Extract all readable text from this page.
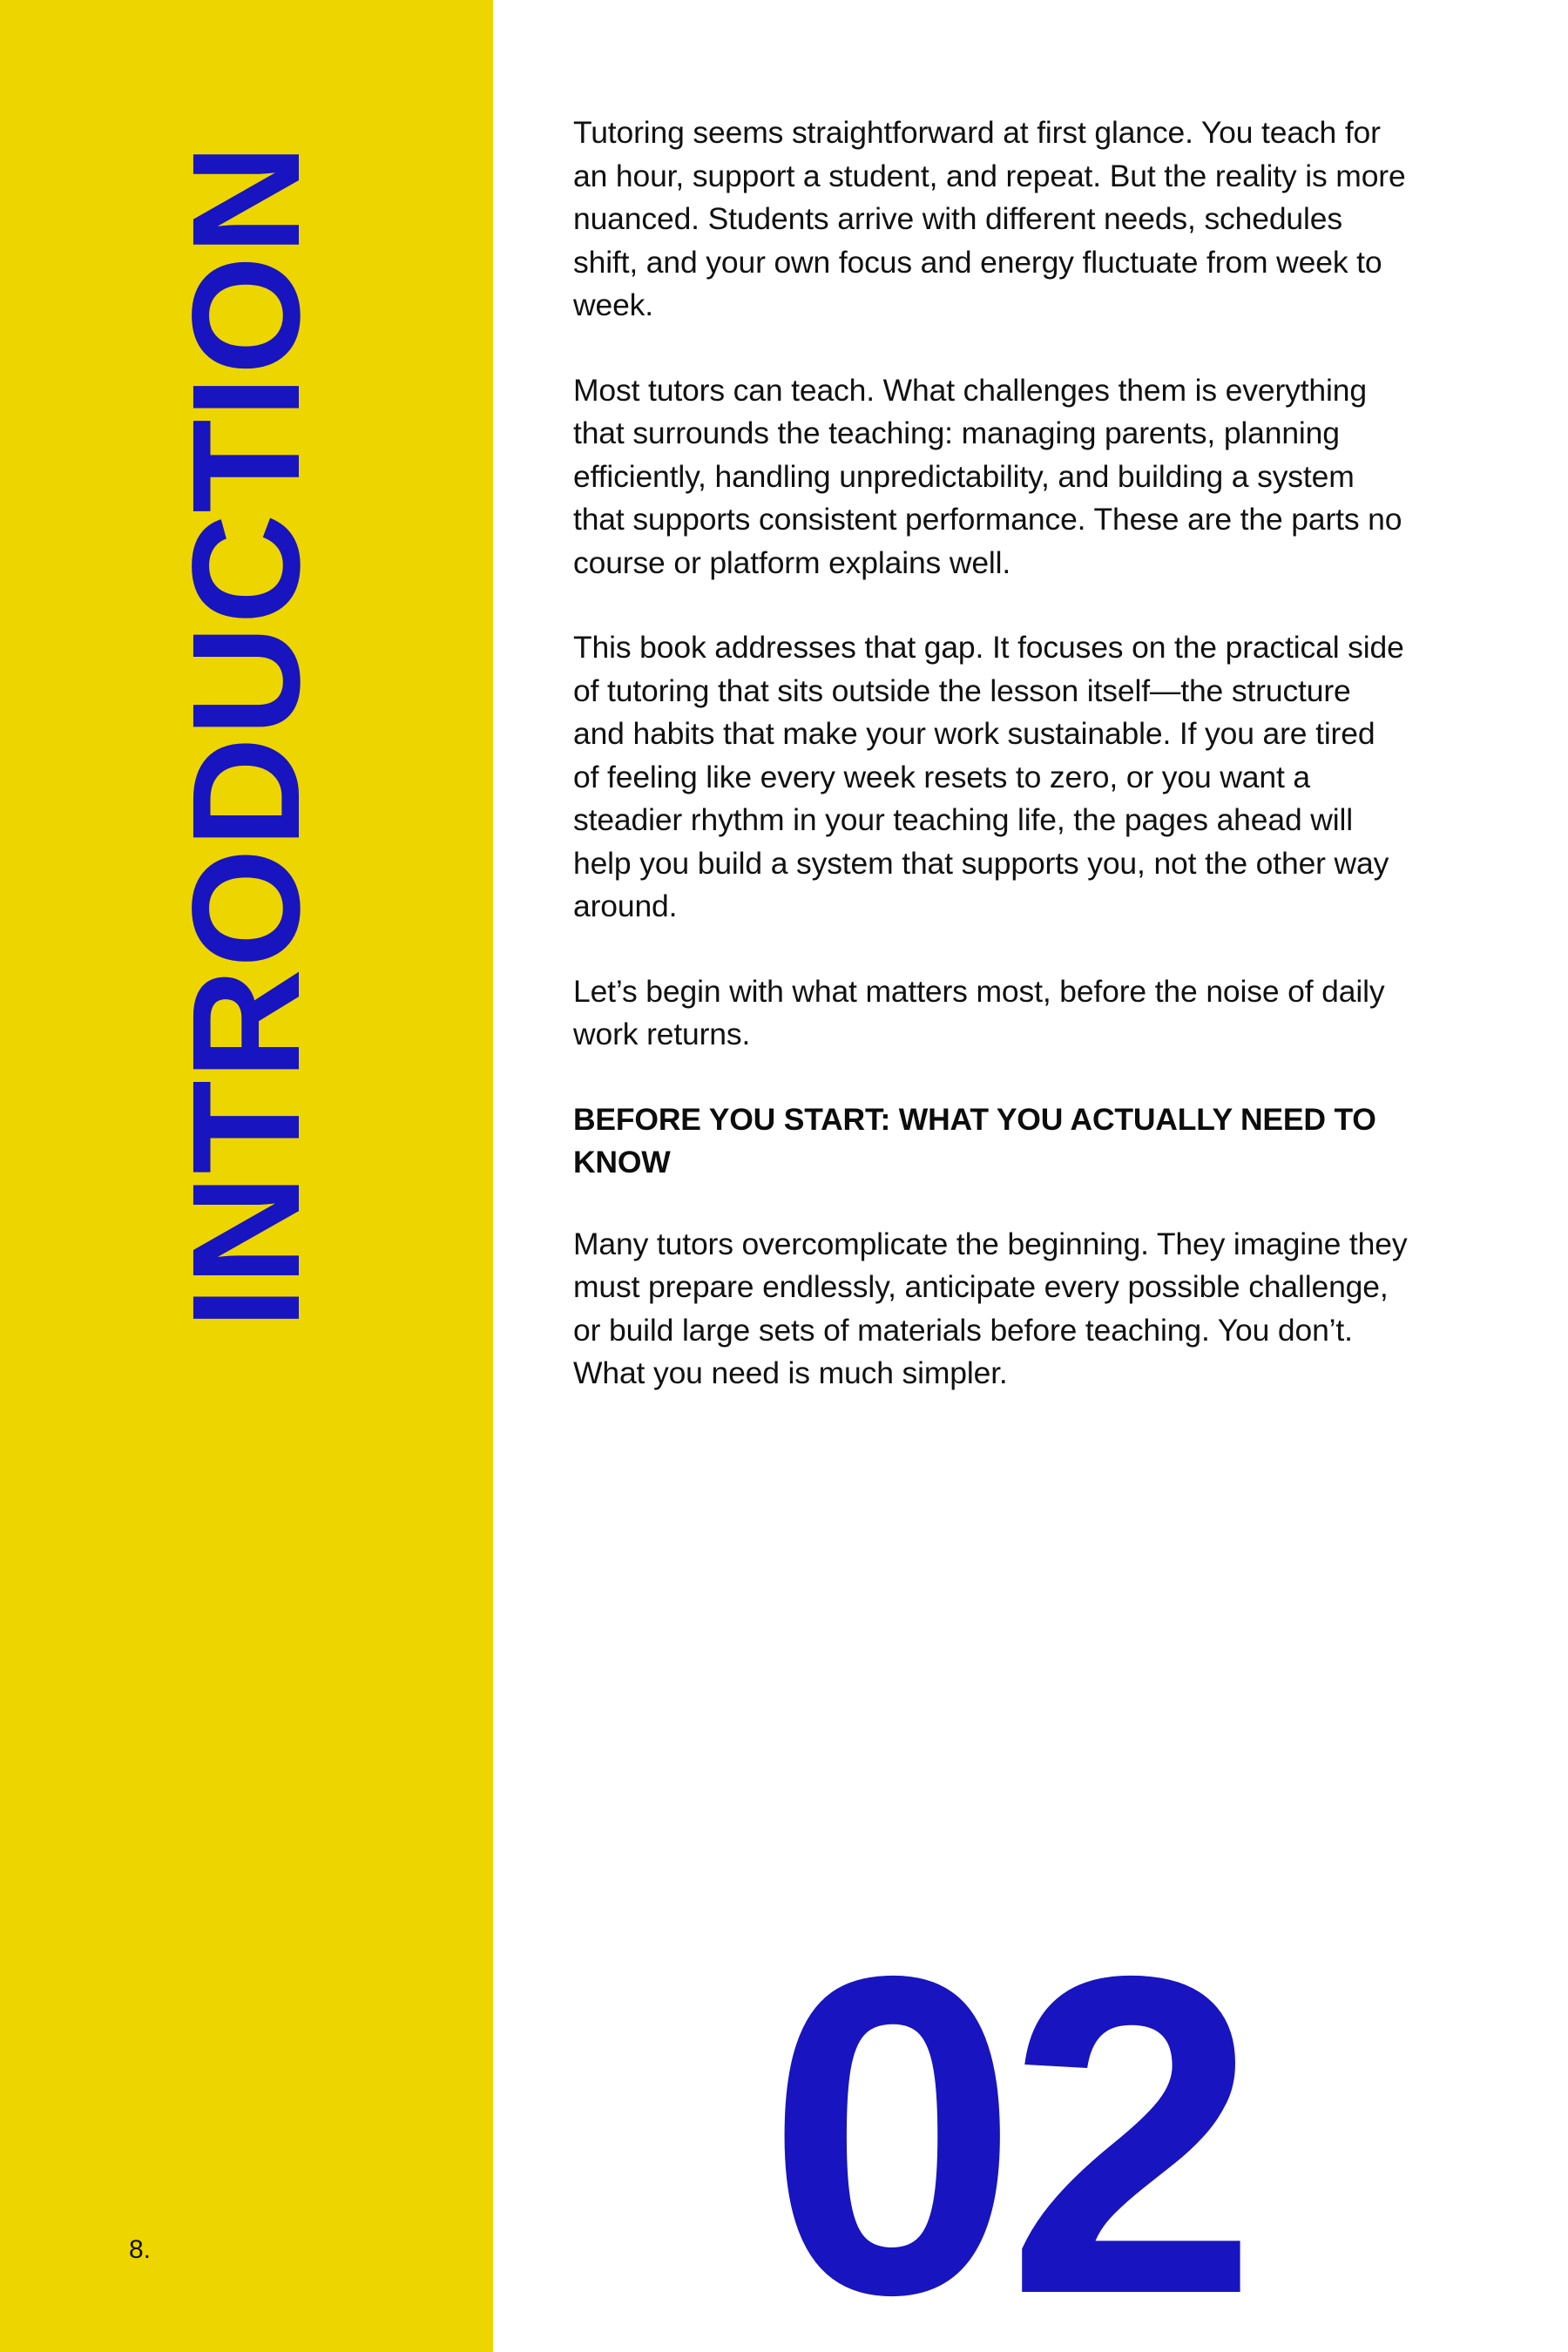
INTRODUCTION
8.

Tutoring seems straightforward at first glance. You teach for an hour, support a student, and repeat. But the reality is more nuanced. Students arrive with different needs, schedules shift, and your own focus and energy fluctuate from week to week.

Most tutors can teach. What challenges them is everything that surrounds the teaching: managing parents, planning efficiently, handling unpredictability, and building a system that supports consistent performance. These are the parts no course or platform explains well.

This book addresses that gap. It focuses on the practical side of tutoring that sits outside the lesson itself—the structure and habits that make your work sustainable. If you are tired of feeling like every week resets to zero, or you want a steadier rhythm in your teaching life, the pages ahead will help you build a system that supports you, not the other way around.

Let’s begin with what matters most, before the noise of daily work returns.

BEFORE YOU START: WHAT YOU ACTUALLY NEED TO KNOW

Many tutors overcomplicate the beginning. They imagine they must prepare endlessly, anticipate every possible challenge, or build large sets of materials before teaching. You don’t. What you need is much simpler.

02
